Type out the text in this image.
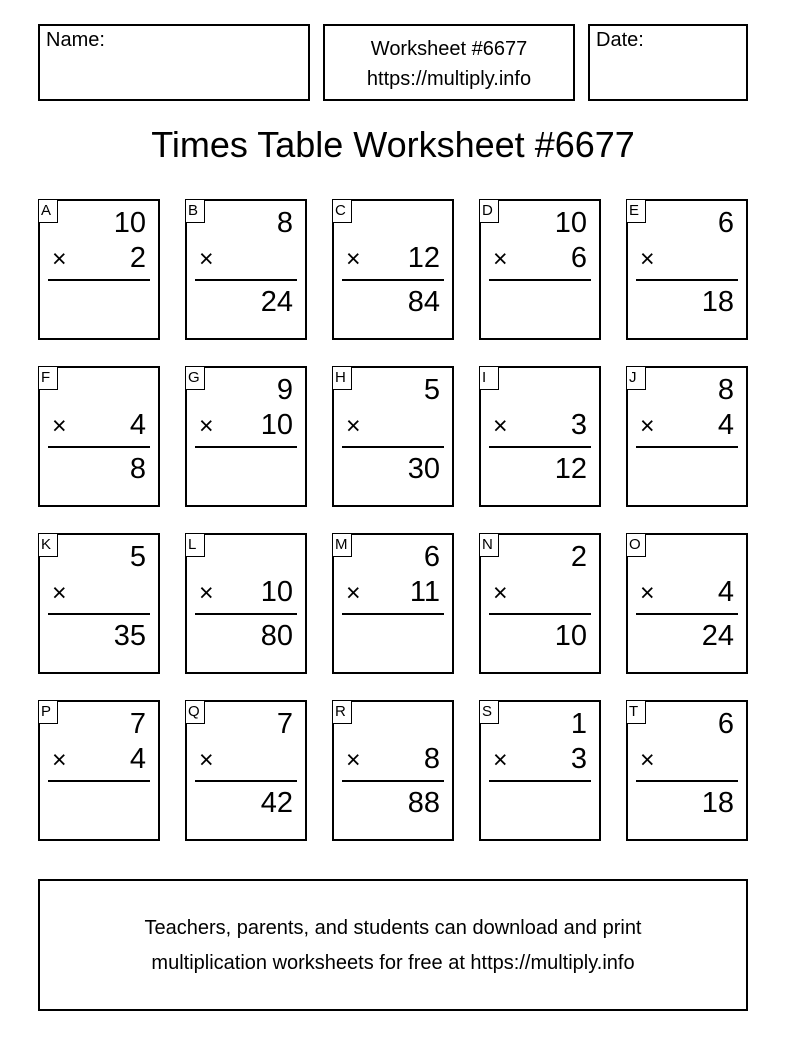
Name:	Worksheet #6677
https://multiply.info
Date:
Times Table Worksheet #6677
A 10
× 2
B	8
×
24
C
× 12
84
D 10
× 6
E	6
×
18
F
× 4
8
G	9
× 10
H	5
×
30
I
× 3
12
J	8
× 4
K	5
×
35
L
× 10
80
M	6
× 11
N	2
×
10
O
× 4
24
P	7
× 4
Q	7
×
42
R
× 8
88
S	1
× 3
T	6
×
18
Teachers, parents, and students can download and print
multiplication worksheets for free at https://multiply.info
